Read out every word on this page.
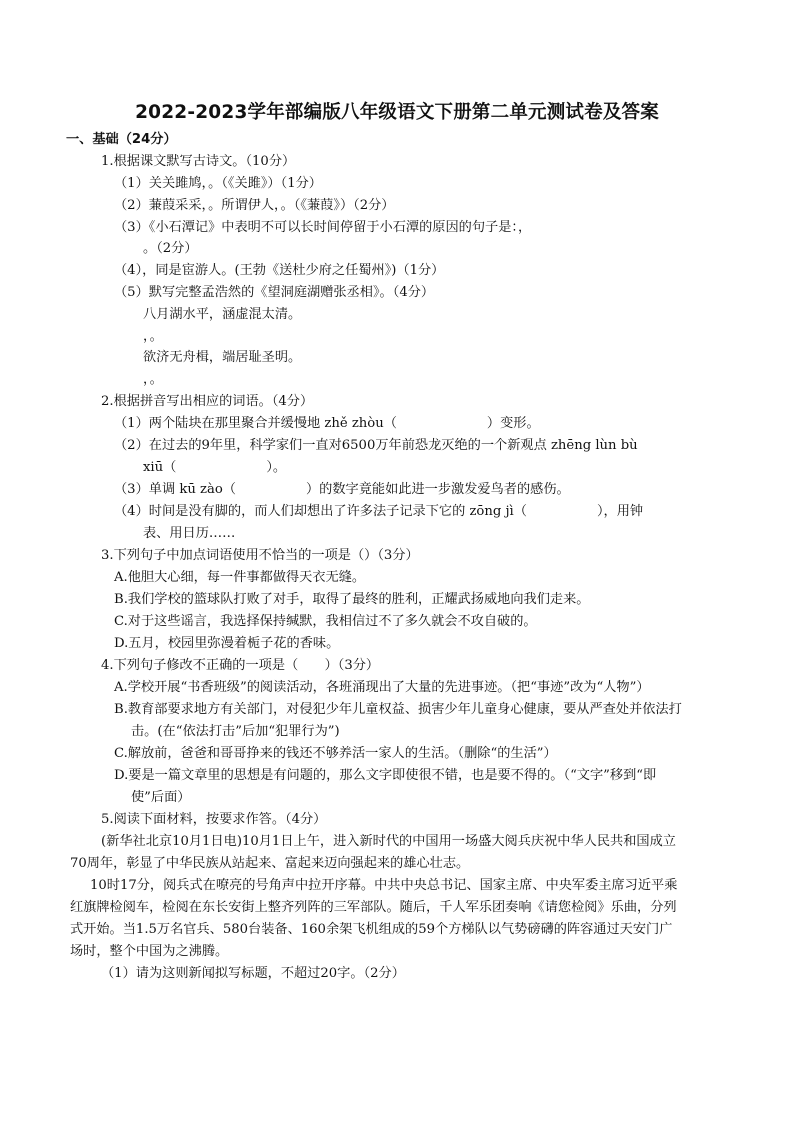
2022-2023学年部编版八年级语文下册第二单元测试卷及答案
一、基础（24分）
1.根据课文默写古诗文。（10分）
（1）关关雎鸠，。（《关雎》）（1分）
（2）蒹葭采采，。所谓伊人，。（《蒹葭》）（2分）
（3）《小石潭记》中表明不可以长时间停留于小石潭的原因的句子是：，
。（2分）
（4），同是宦游人。(王勃《送杜少府之任蜀州》)（1分）
（5）默写完整孟浩然的《望洞庭湖赠张丞相》。（4分）
八月湖水平，涵虚混太清。
，。
欲济无舟楫，端居耻圣明。
，。
2.根据拼音写出相应的词语。（4分）
（1）两个陆块在那里聚合并缓慢地 zhě zhòu（	）变形。
（2）在过去的9年里，科学家们一直对6500万年前恐龙灭绝的一个新观点 zhēng lùn bù
xiū（	）。
（3）单调 kū zào（	）的数字竟能如此进一步激发爱鸟者的感伤。
（4）时间是没有脚的，而人们却想出了许多法子记录下它的 zōng jì（	），用钟
表、用日历……
3.下列句子中加点词语使用不恰当的一项是（）（3分）
A.他胆大心细，每一件事都做得天衣无缝。
B.我们学校的篮球队打败了对手，取得了最终的胜利，正耀武扬威地向我们走来。
C.对于这些谣言，我选择保持缄默，我相信过不了多久就会不攻自破的。
D.五月，校园里弥漫着栀子花的香味。
4.下列句子修改不正确的一项是（　　）（3分）
A.学校开展“书香班级”的阅读活动，各班涌现出了大量的先进事迹。（把“事迹”改为“人物”）
B.教育部要求地方有关部门，对侵犯少年儿童权益、损害少年儿童身心健康，要从严查处并依法打
击。(在“依法打击”后加“犯罪行为”)
C.解放前，爸爸和哥哥挣来的钱还不够养活一家人的生活。（删除“的生活”）
D.要是一篇文章里的思想是有问题的，那么文字即使很不错，也是要不得的。（“文字”移到“即
使”后面）
5.阅读下面材料，按要求作答。（4分）
(新华社北京10月1日电)10月1日上午，进入新时代的中国用一场盛大阅兵庆祝中华人民共和国成立
70周年，彰显了中华民族从站起来、富起来迈向强起来的雄心壮志。
10时17分，阅兵式在嘹亮的号角声中拉开序幕。中共中央总书记、国家主席、中央军委主席习近平乘
红旗牌检阅车，检阅在东长安街上整齐列阵的三军部队。随后，千人军乐团奏响《请您检阅》乐曲，分列
式开始。当1.5万名官兵、580台装备、160余架飞机组成的59个方梯队以气势磅礴的阵容通过天安门广
场时，整个中国为之沸腾。
（1）请为这则新闻拟写标题，不超过20字。（2分）
